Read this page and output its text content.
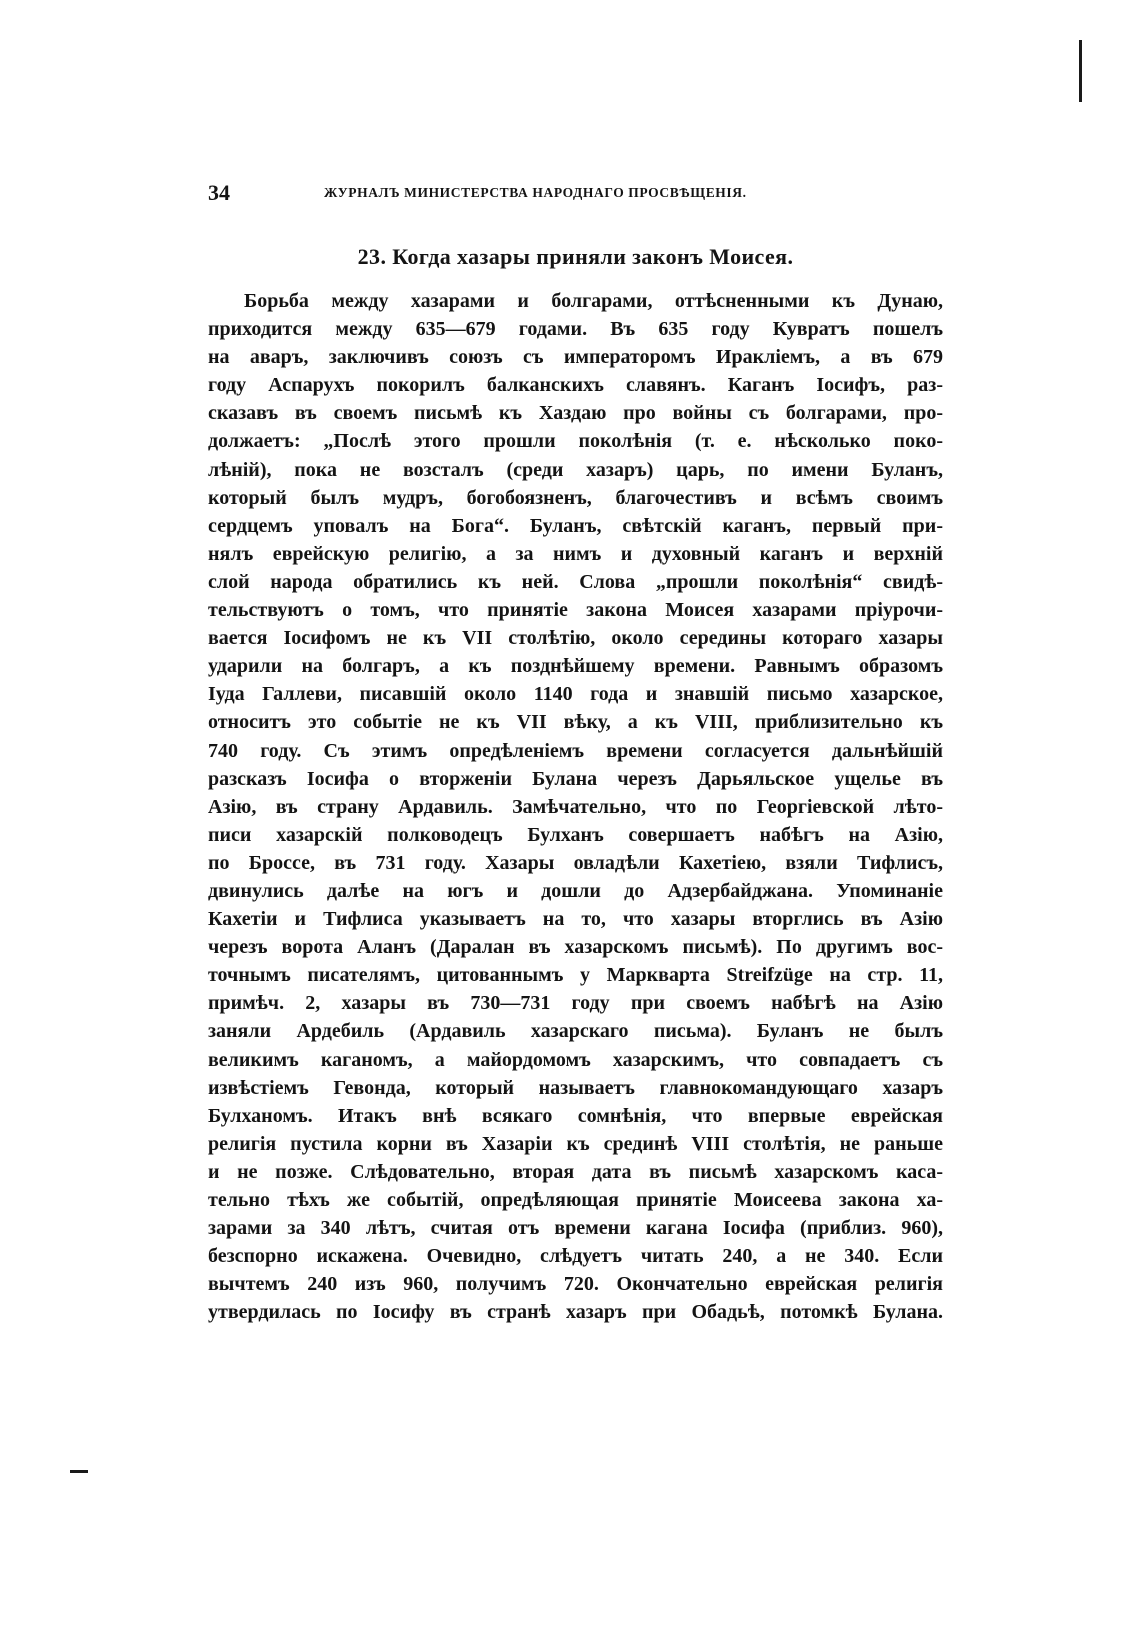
34	ЖУРНАЛЪ МИНИСТЕРСТВА НАРОДНАГО ПРОСВѢЩЕНІЯ.
23. Когда хазары приняли законъ Моисея.
Борьба между хазарами и болгарами, оттѣсненными къ Дунаю,
приходится между 635—679 годами. Въ 635 году Кувратъ пошелъ
на аваръ, заключивъ союзъ съ императоромъ Иракліемъ, а въ 679
году Аспарухъ покорилъ балканскихъ славянъ. Каганъ Іосифъ, раз-
сказавъ въ своемъ письмѣ къ Хаздаю про войны съ болгарами, про-
должаетъ: „Послѣ этого прошли поколѣнія (т. е. нѣсколько поко-
лѣній), пока не возсталъ (среди хазаръ) царь, по имени Буланъ,
который былъ мудръ, богобоязненъ, благочестивъ и всѣмъ своимъ
сердцемъ уповалъ на Бога“. Буланъ, свѣтскій каганъ, первый при-
нялъ еврейскую религію, а за нимъ и духовный каганъ и верхній
слой народа обратились къ ней. Слова „прошли поколѣнія“ свидѣ-
тельствуютъ о томъ, что принятіе закона Моисея хазарами пріурочи-
вается Іосифомъ не къ VII столѣтію, около середины котораго хазары
ударили на болгаръ, а къ позднѣйшему времени. Равнымъ образомъ
Іуда Галлеви, писавшій около 1140 года и знавшій письмо хазарское,
относитъ это событіе не къ VII вѣку, а къ VIII, приблизительно къ
740 году. Съ этимъ опредѣленіемъ времени согласуется дальнѣйшій
разсказъ Іосифа о вторженіи Булана черезъ Дарьяльское ущелье въ
Азію, въ страну Ардавиль. Замѣчательно, что по Георгіевской лѣто-
писи хазарскій полководецъ Булханъ совершаетъ набѣгъ на Азію,
по Броссе, въ 731 году. Хазары овладѣли Кахетіею, взяли Тифлисъ,
двинулись далѣе на югъ и дошли до Адзербайджана. Упоминаніе
Кахетіи и Тифлиса указываетъ на то, что хазары вторглись въ Азію
черезъ ворота Аланъ (Даралан въ хазарскомъ письмѣ). По другимъ вос-
точнымъ писателямъ, цитованнымъ у Маркварта Streifzüge на стр. 11,
примѣч. 2, хазары въ 730—731 году при своемъ набѣгѣ на Азію
заняли Ардебиль (Ардавиль хазарскаго письма). Буланъ не былъ
великимъ каганомъ, а майордомомъ хазарскимъ, что совпадаетъ съ
извѣстіемъ Гевонда, который называетъ главнокомандующаго хазаръ
Булханомъ. Итакъ внѣ всякаго сомнѣнія, что впервые еврейская
религія пустила корни въ Хазаріи къ срединѣ VIII столѣтія, не раньше
и не позже. Слѣдовательно, вторая дата въ письмѣ хазарскомъ каса-
тельно тѣхъ же событій, опредѣляющая принятіе Моисеева закона ха-
зарами за 340 лѣтъ, считая отъ времени кагана Іосифа (приблиз. 960),
безспорно искажена. Очевидно, слѣдуетъ читать 240, а не 340. Если
вычтемъ 240 изъ 960, получимъ 720. Окончательно еврейская религія
утвердилась по Іосифу въ странѣ хазаръ при Обадьѣ, потомкѣ Булана.
